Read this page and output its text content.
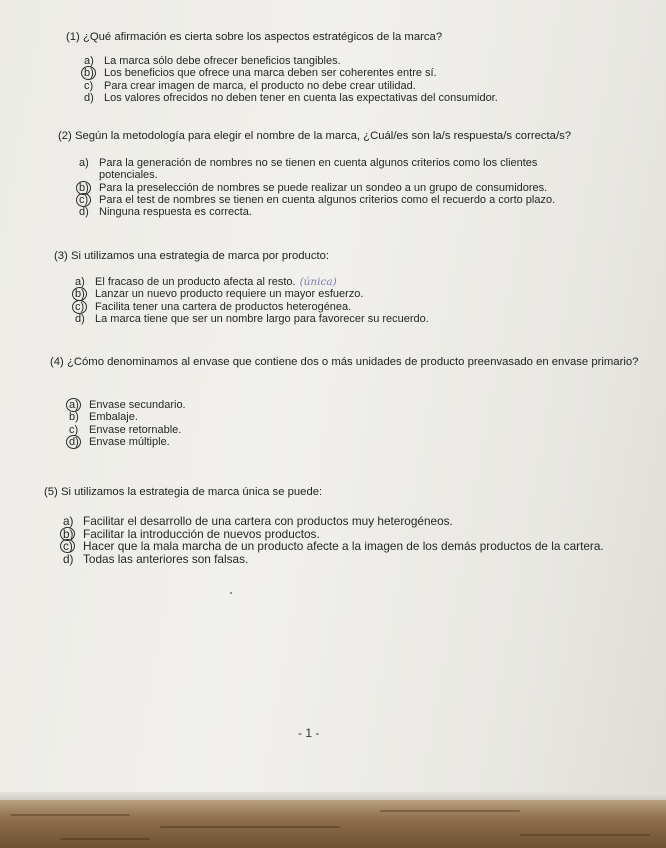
(1) ¿Qué afirmación es cierta sobre los aspectos estratégicos de la marca?

a) La marca sólo debe ofrecer beneficios tangibles.
b) Los beneficios que ofrece una marca deben ser coherentes entre sí.
c) Para crear imagen de marca, el producto no debe crear utilidad.
d) Los valores ofrecidos no deben tener en cuenta las expectativas del consumidor.

(2) Según la metodología para elegir el nombre de la marca, ¿Cuál/es son la/s respuesta/s correcta/s?

a) Para la generación de nombres no se tienen en cuenta algunos criterios como los clientes potenciales.
b) Para la preselección de nombres se puede realizar un sondeo a un grupo de consumidores.
c) Para el test de nombres se tienen en cuenta algunos criterios como el recuerdo a corto plazo.
d) Ninguna respuesta es correcta.

(3) Si utilizamos una estrategia de marca por producto:

a) El fracaso de un producto afecta al resto. (única)
b) Lanzar un nuevo producto requiere un mayor esfuerzo.
c) Facilita tener una cartera de productos heterogénea.
d) La marca tiene que ser un nombre largo para favorecer su recuerdo.

(4) ¿Cómo denominamos al envase que contiene dos o más unidades de producto preenvasado en envase primario?

a) Envase secundario.
b) Embalaje.
c) Envase retornable.
d) Envase múltiple.

(5) Si utilizamos la estrategia de marca única se puede:

a) Facilitar el desarrollo de una cartera con productos muy heterogéneos.
b) Facilitar la introducción de nuevos productos.
c) Hacer que la mala marcha de un producto afecte a la imagen de los demás productos de la cartera.
d) Todas las anteriores son falsas.

- 1 -
